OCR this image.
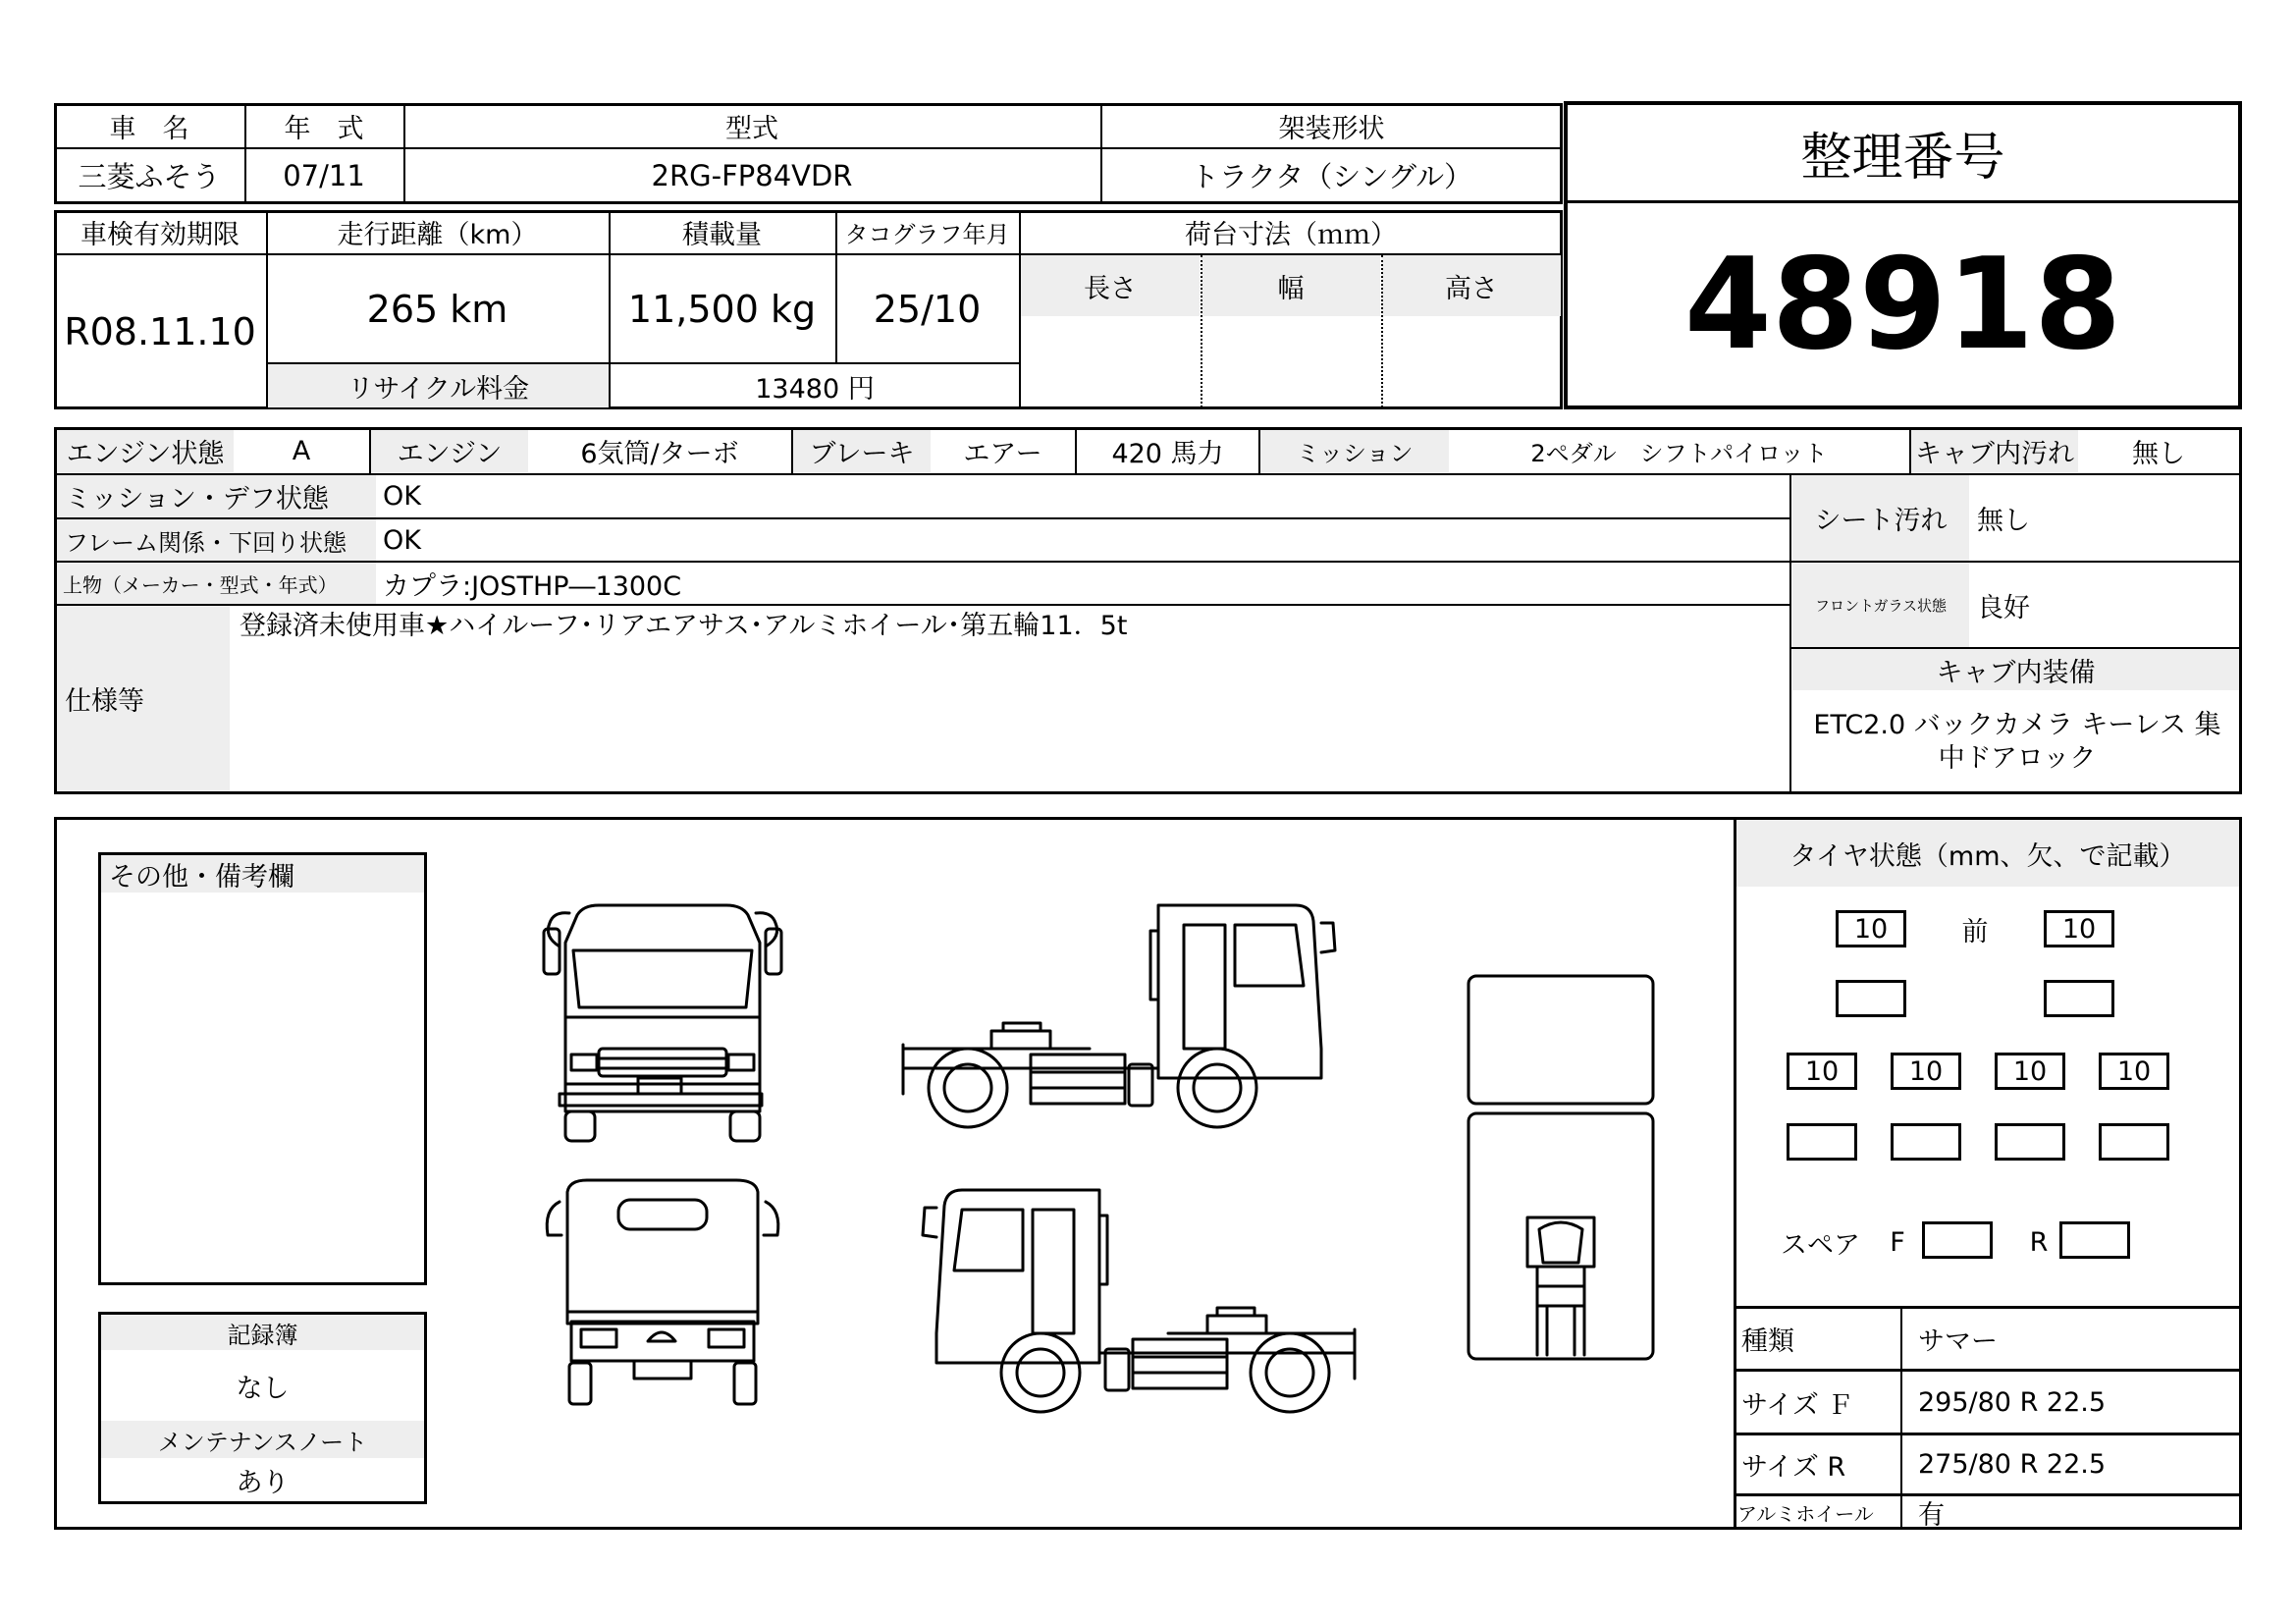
車　名	年　式	型式	架装形状
三菱ふそう	07/11	2RG-FP84VDR	トラクタ（シングル）	整理番号
48918
車検有効期限	走行距離（km）	積載量	タコグラフ年月	荷台寸法（ｍｍ）
R08.11.10
265 km	11,500 kg	25/10
リサイクル料金	13480 円
長さ	幅	高さ
エンジン状態	A	エンジン	6気筒/ターボ	ブレーキ	エアー	420 馬力	ミッション	2ペダル　シフトパイロット	キャブ内汚れ	無し
ミッション・デフ状態	OK
フレーム関係・下回り状態	OK
上物（メーカー・型式・年式）	カプラ:JOSTHP―1300C
仕様等
登録済未使用車★ハイルーフ･リアエアサス･アルミホイール･第五輪11．5t
シート汚れ	無し
フロントガラス状態	良好
キャブ内装備
ETC2.0 バックカメラ キーレス 集中ドアロック
その他・備考欄
記録簿
なし
メンテナンスノート
あり
タイヤ状態（mm、欠、で記載）
10	前	10
10	10	10	10
スペア	F	R
種類	サマー
サイズ Ｆ	295/80 R 22.5
サイズ R	275/80 R 22.5
アルミホイール	有
